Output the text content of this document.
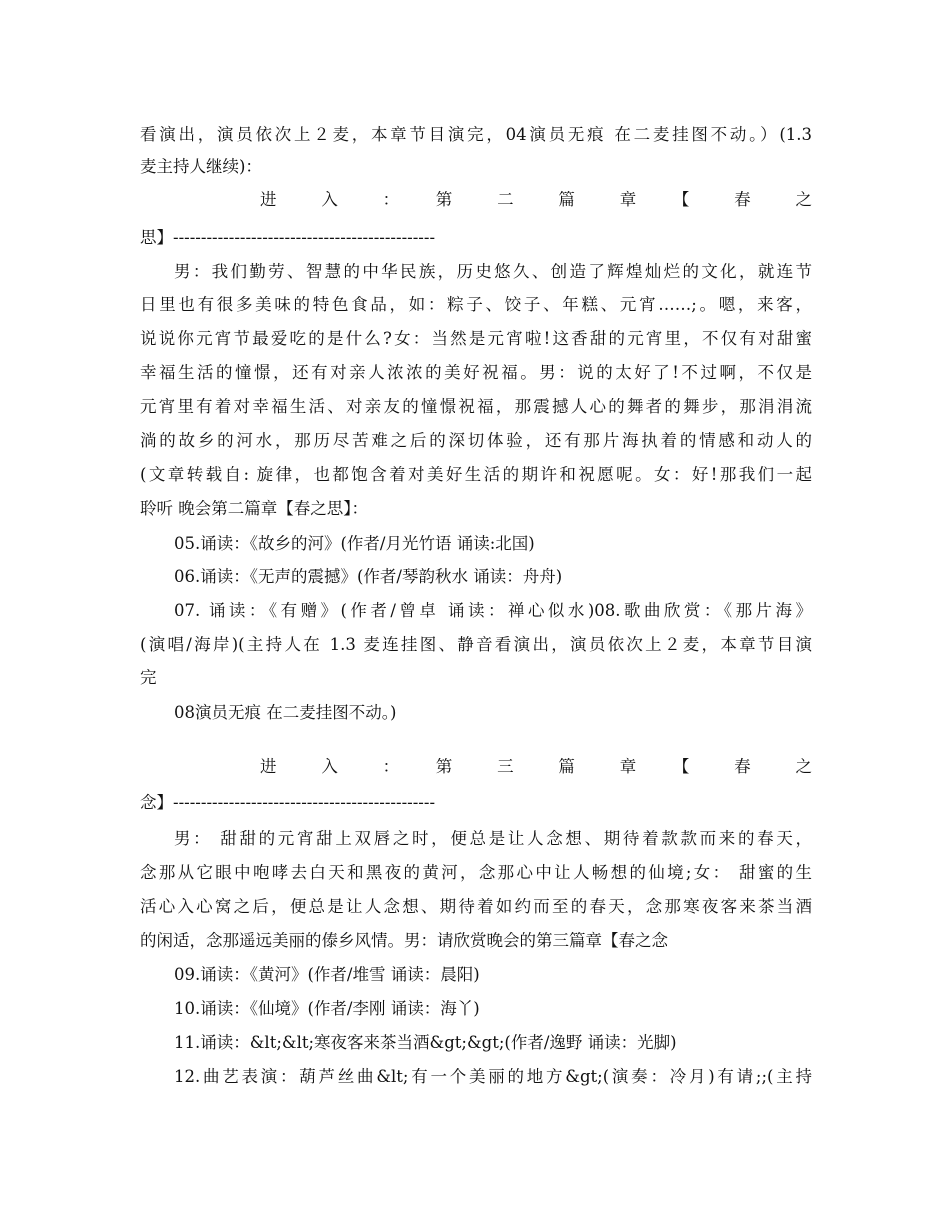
看演出，演员依次上２麦，本章节目演完，04演员无痕 在二麦挂图不动。）(1.3
麦主持人继续)：
进　　入　　：　　第　　二　　篇　　章　　【　　春　　之
思】-----------------------------------------------
男：我们勤劳、智慧的中华民族，历史悠久、创造了辉煌灿烂的文化，就连节
日里也有很多美味的特色食品，如：粽子、饺子、年糕、元宵……;。嗯，来客，
说说你元宵节最爱吃的是什么?女：当然是元宵啦!这香甜的元宵里，不仅有对甜蜜
幸福生活的憧憬，还有对亲人浓浓的美好祝福。男：说的太好了!不过啊，不仅是
元宵里有着对幸福生活、对亲友的憧憬祝福，那震撼人心的舞者的舞步，那涓涓流
淌的故乡的河水，那历尽苦难之后的深切体验，还有那片海执着的情感和动人的
(文章转载自: 旋律，也都饱含着对美好生活的期许和祝愿呢。女：好!那我们一起
聆听 晚会第二篇章【春之思】：
05.诵读：《故乡的河》(作者/月光竹语 诵读:北国)
06.诵读：《无声的震撼》(作者/琴韵秋水 诵读：舟舟)
07. 诵读：《有赠》(作者/曾卓 诵读：禅心似水)08.歌曲欣赏：《那片海》
(演唱/海岸)(主持人在 1.3 麦连挂图、静音看演出，演员依次上２麦，本章节目演
完
08演员无痕 在二麦挂图不动。)
进　　入　　：　　第　　三　　篇　　章　　【　　春　　之
念】-----------------------------------------------
男： 甜甜的元宵甜上双唇之时，便总是让人念想、期待着款款而来的春天，
念那从它眼中咆哮去白天和黑夜的黄河，念那心中让人畅想的仙境;女： 甜蜜的生
活心入心窝之后，便总是让人念想、期待着如约而至的春天，念那寒夜客来茶当酒
的闲适，念那遥远美丽的傣乡风情。男：请欣赏晚会的第三篇章【春之念
09.诵读：《黄河》(作者/堆雪 诵读：晨阳)
10.诵读：《仙境》(作者/李刚 诵读：海丫)
11.诵读：&lt;&lt;寒夜客来茶当酒&gt;&gt;(作者/逸野 诵读：光脚)
12.曲艺表演：葫芦丝曲&lt;有一个美丽的地方&gt;(演奏：冷月)有请;;(主持
